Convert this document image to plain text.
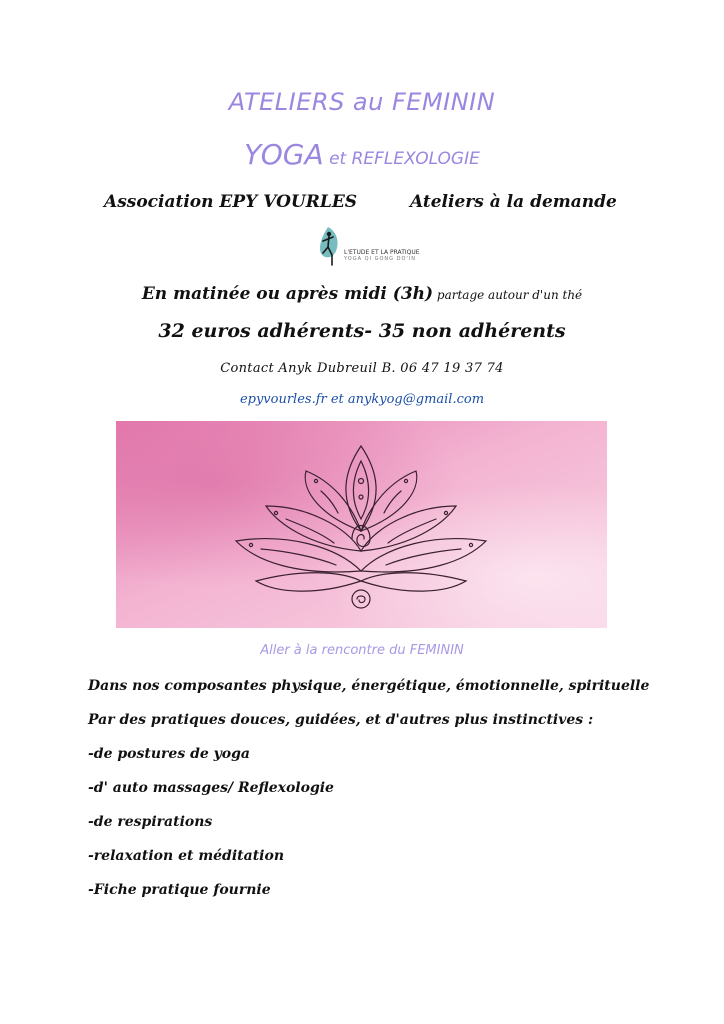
ATELIERS au FEMININ
YOGA et REFLEXOLOGIE
Association EPY VOURLES	Ateliers à la demande
L'ETUDE ET LA PRATIQUE
YOGA QI GONG DO'IN
En matinée ou après midi (3h) partage autour d'un thé
32 euros adhérents- 35 non adhérents
Contact Anyk Dubreuil B. 06 47 19 37 74
epyvourles.fr et anykyog@gmail.com
Aller à la rencontre du FEMININ
Dans nos composantes physique, énergétique, émotionnelle, spirituelle
Par des pratiques douces, guidées, et d'autres plus instinctives :
-de postures de yoga
-d' auto massages/ Reflexologie
-de respirations
-relaxation et méditation
-Fiche pratique fournie
